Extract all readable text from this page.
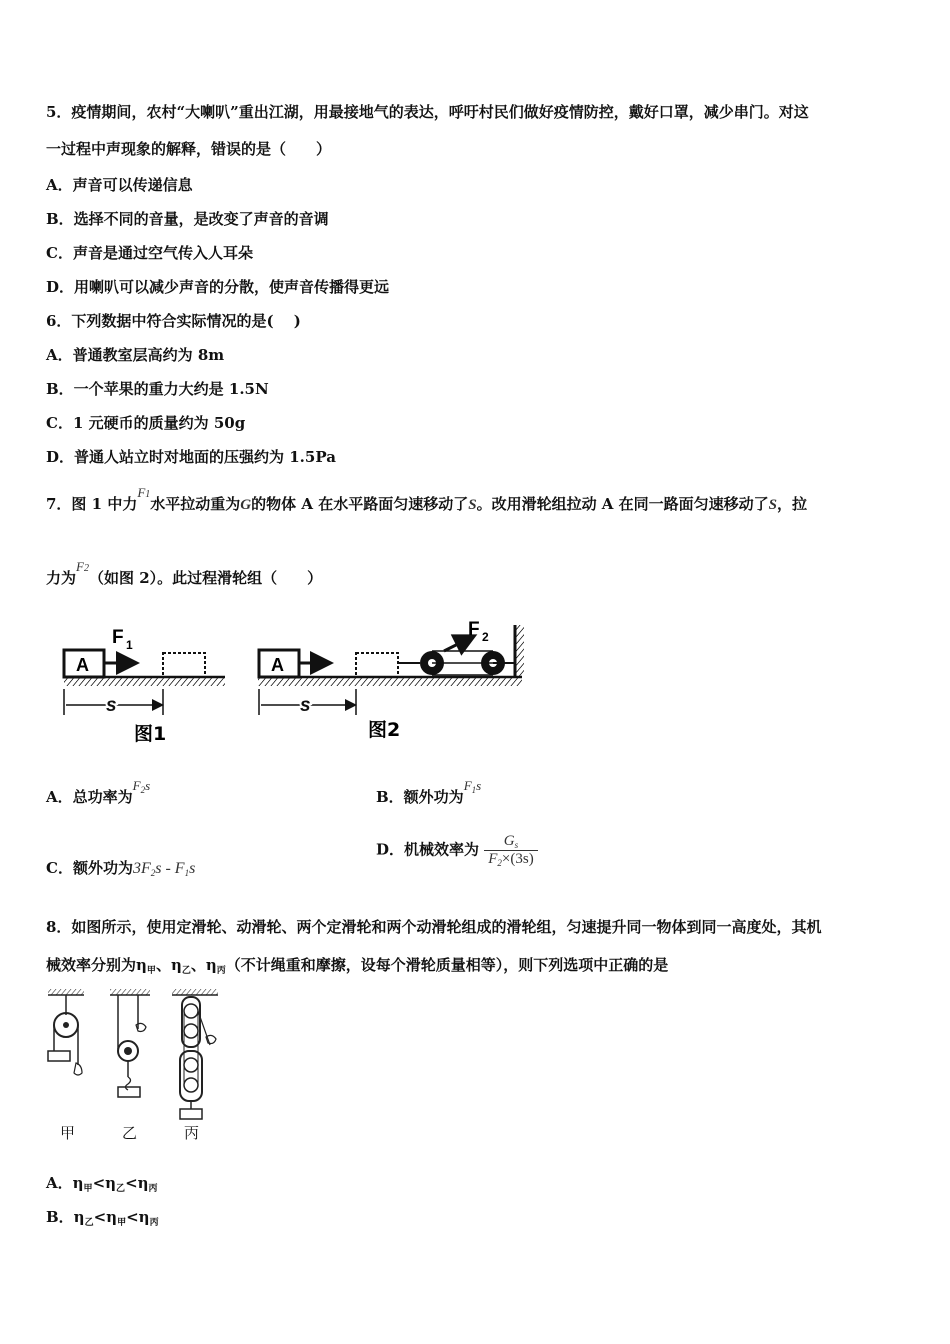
5．疫情期间，农村“大喇叭”重出江湖，用最接地气的表达，呼吁村民们做好疫情防控，戴好口罩，减少串门。对这
一过程中声现象的解释，错误的是（　　）
A．声音可以传递信息
B．选择不同的音量，是改变了声音的音调
C．声音是通过空气传入人耳朵
D．用喇叭可以减少声音的分散，使声音传播得更远
6．下列数据中符合实际情况的是(　 )
A．普通教室层高约为 8m
B．一个苹果的重力大约是 1.5N
C．1 元硬币的质量约为 50g
D．普通人站立时对地面的压强约为 1.5Pa
7．图 1 中力F1水平拉动重为G的物体 A 在水平路面匀速移动了S。改用滑轮组拉动 A 在同一路面匀速移动了S，拉
力为F2（如图 2）。此过程滑轮组（　　）
A
F 1
s
图1
A
F 2
s
图2
A．总功率为$F_2s$
B．额外功为$F_1s$
C．额外功为$3F_2s - F_1s$
D．机械效率为 $\frac{G_s}{F_2\times(3s)}$
8．如图所示，使用定滑轮、动滑轮、两个定滑轮和两个动滑轮组成的滑轮组，匀速提升同一物体到同一高度处，其机
械效率分别为$\eta_甲$、$\eta_乙$、$\eta_丙$（不计绳重和摩擦，设每个滑轮质量相等），则下列选项中正确的是
甲	乙	丙
A．$\eta_甲<\eta_乙<\eta_丙$
B．$\eta_乙<\eta_甲<\eta_丙$
